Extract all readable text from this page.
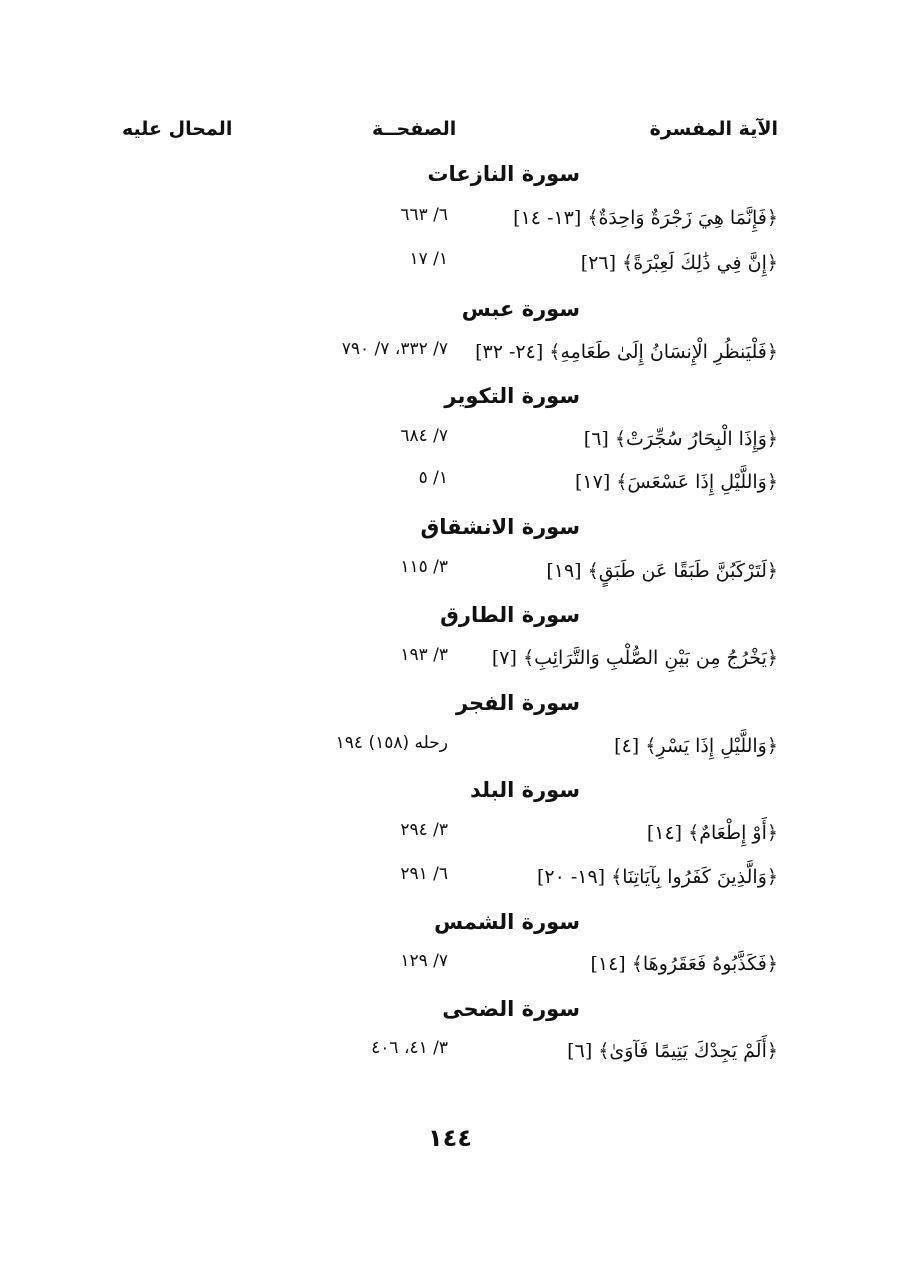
الآية المفسرة
الصفحــة
المحال عليه
سورة النازعات
﴿فَإِنَّمَا هِيَ زَجْرَةٌ وَاحِدَةٌ﴾ [١٣- ١٤]
٦/ ٦٦٣
﴿إِنَّ فِي ذَٰلِكَ لَعِبْرَةً﴾ [٢٦]
١/ ١٧
سورة عبس
﴿فَلْيَنظُرِ الْإِنسَانُ إِلَىٰ طَعَامِهِ﴾ [٢٤- ٣٢]
٧/ ٣٣٢، ٧/ ٧٩٠
سورة التكوير
﴿وَإِذَا الْبِحَارُ سُجِّرَتْ﴾ [٦]
٧/ ٦٨٤
﴿وَاللَّيْلِ إِذَا عَسْعَسَ﴾ [١٧]
١/ ٥
سورة الانشقاق
﴿لَتَرْكَبُنَّ طَبَقًا عَن طَبَقٍ﴾ [١٩]
٣/ ١١٥
سورة الطارق
﴿يَخْرُجُ مِن بَيْنِ الصُّلْبِ وَالتَّرَائِبِ﴾ [٧]
٣/ ١٩٣
سورة الفجر
﴿وَاللَّيْلِ إِذَا يَسْرِ﴾ [٤]
رحله (١٥٨) ١٩٤
سورة البلد
﴿أَوْ إِطْعَامٌ﴾ [١٤]
٣/ ٢٩٤
﴿وَالَّذِينَ كَفَرُوا بِآيَاتِنَا﴾ [١٩- ٢٠]
٦/ ٢٩١
سورة الشمس
﴿فَكَذَّبُوهُ فَعَقَرُوهَا﴾ [١٤]
٧/ ١٢٩
سورة الضحى
﴿أَلَمْ يَجِدْكَ يَتِيمًا فَآوَىٰ﴾ [٦]
٣/ ٤١، ٤٠٦
١٤٤
